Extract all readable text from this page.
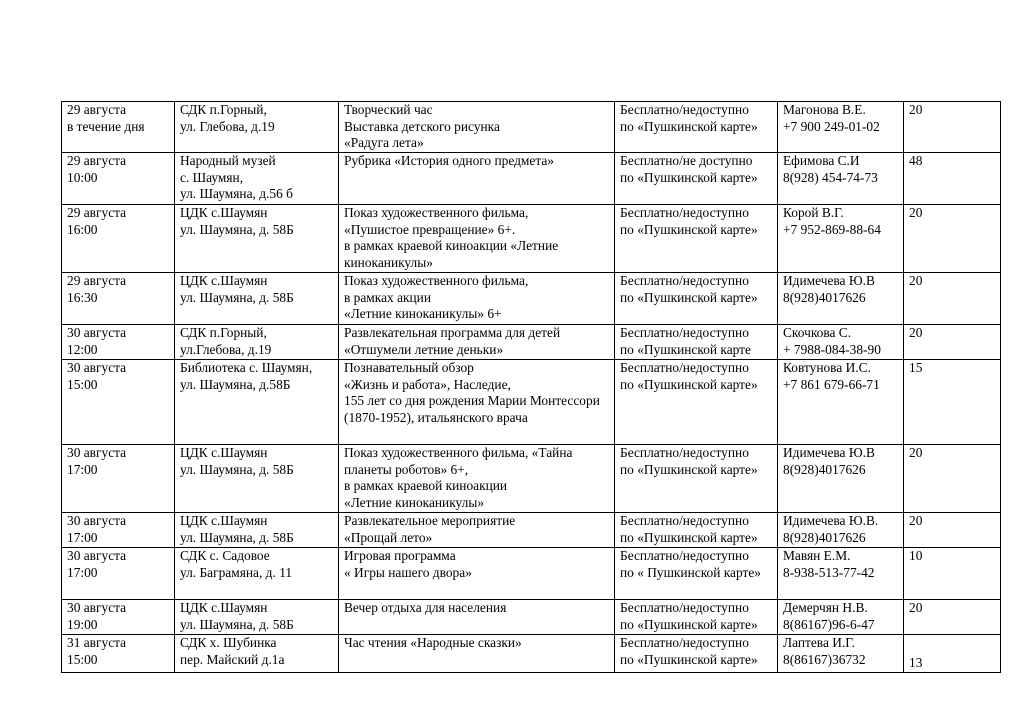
29 августа
в течение дня	СДК п.Горный,
ул. Глебова, д.19	Творческий час
Выставка детского рисунка
«Радуга лета»	Бесплатно/недоступно
по «Пушкинской карте»	Магонова В.Е.
+7 900 249-01-02	20
29 августа
10:00	Народный музей
с. Шаумян,
ул. Шаумяна, д.56 б	Рубрика «История одного предмета»	Бесплатно/не доступно
по «Пушкинской карте»	Ефимова С.И
8(928) 454-74-73	48
29 августа
16:00	ЦДК с.Шаумян
ул. Шаумяна, д. 58Б	Показ художественного фильма,
«Пушистое превращение» 6+.
в рамках краевой киноакции «Летние киноканикулы»	Бесплатно/недоступно
по «Пушкинской карте»	Корой В.Г.
+7 952-869-88-64	20
29 августа
16:30	ЦДК с.Шаумян
ул. Шаумяна, д. 58Б	Показ художественного фильма,
в рамках акции
«Летние киноканикулы» 6+	Бесплатно/недоступно
по «Пушкинской карте»	Идимечева Ю.В
8(928)4017626	20
30 августа
12:00	СДК п.Горный,
ул.Глебова, д.19	Развлекательная программа для детей
«Отшумели летние деньки»	Бесплатно/недоступно
по «Пушкинской карте	Скочкова С.
+ 7988-084-38-90	20
30 августа
15:00	Библиотека с. Шаумян,
ул. Шаумяна, д.58Б	Познавательный обзор
«Жизнь и работа», Наследие,
155 лет со дня рождения Марии Монтессори (1870-1952), итальянского врача	Бесплатно/недоступно
по «Пушкинской карте»	Ковтунова И.С.
+7 861 679-66-71	15
30 августа
17:00	ЦДК с.Шаумян
ул. Шаумяна, д. 58Б	Показ художественного фильма, «Тайна планеты роботов» 6+,
в рамках краевой киноакции
«Летние киноканикулы»	Бесплатно/недоступно
по «Пушкинской карте»	Идимечева Ю.В
8(928)4017626	20
30 августа
17:00	ЦДК с.Шаумян
ул. Шаумяна, д. 58Б	Развлекательное мероприятие
«Прощай лето»	Бесплатно/недоступно
по «Пушкинской карте»	Идимечева Ю.В.
8(928)4017626	20
30 августа
17:00	СДК с. Садовое
ул. Баграмяна, д. 11	Игровая программа
« Игры нашего двора»	Бесплатно/недоступно
по « Пушкинской карте»	Мавян Е.М.
8-938-513-77-42	10
30 августа
19:00	ЦДК с.Шаумян
ул. Шаумяна, д. 58Б	Вечер отдыха для населения	Бесплатно/недоступно
по «Пушкинской карте»	Демерчян Н.В.
8(86167)96-6-47	20
31 августа
15:00	СДК х. Шубинка
пер. Майский д.1а	Час чтения «Народные сказки»	Бесплатно/недоступно
по «Пушкинской карте»	Лаптева И.Г.
8(86167)36732	13
